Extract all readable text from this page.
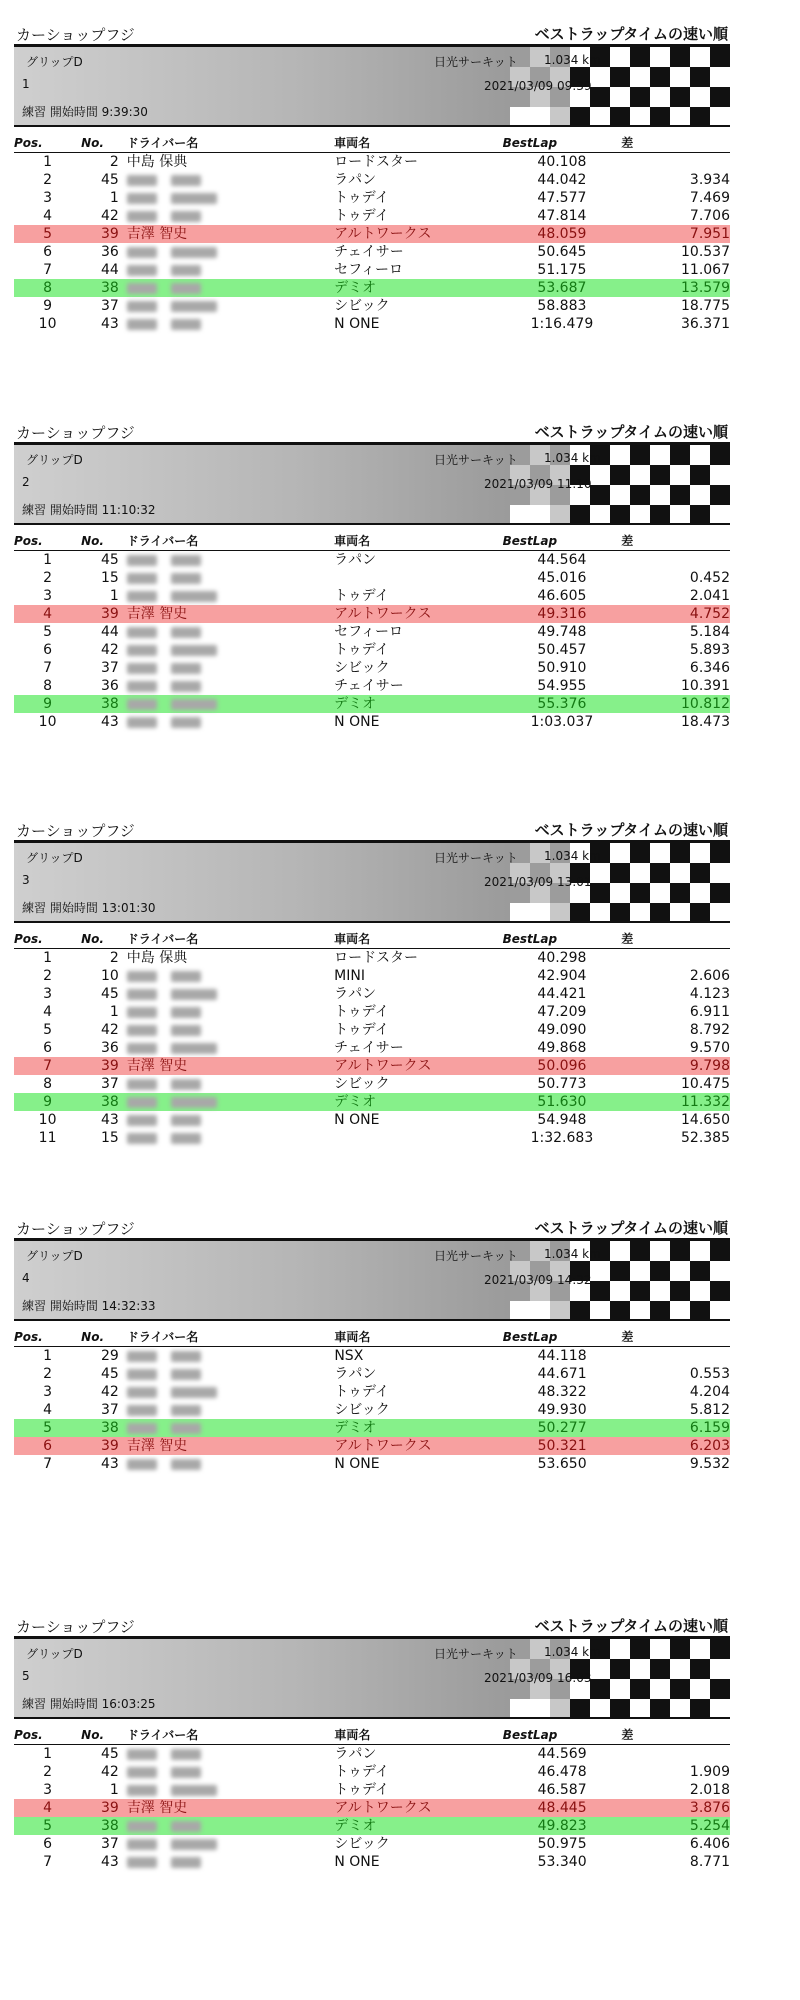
カーショップフジ	ベストラップタイムの速い順
グリップD
1
練習 開始時間 9:39:30
日光サーキット 1.034 km
2021/03/09 09:39
Pos.	No.	ドライバー名	車両名	BestLap	差
1	2	中島 保典	ロードスター	40.108	
2	45		ラパン	44.042	3.934
3	1		トゥデイ	47.577	7.469
4	42		トゥデイ	47.814	7.706
5	39	吉澤 智史	アルトワークス	48.059	7.951
6	36		チェイサー	50.645	10.537
7	44		セフィーロ	51.175	11.067
8	38		デミオ	53.687	13.579
9	37		シビック	58.883	18.775
10	43		N ONE	1:16.479	36.371
カーショップフジ	ベストラップタイムの速い順
グリップD
2
練習 開始時間 11:10:32
日光サーキット 1.034 km
2021/03/09 11:10
Pos.	No.	ドライバー名	車両名	BestLap	差
1	45		ラパン	44.564	
2	15			45.016	0.452
3	1		トゥデイ	46.605	2.041
4	39	吉澤 智史	アルトワークス	49.316	4.752
5	44		セフィーロ	49.748	5.184
6	42		トゥデイ	50.457	5.893
7	37		シビック	50.910	6.346
8	36		チェイサー	54.955	10.391
9	38		デミオ	55.376	10.812
10	43		N ONE	1:03.037	18.473
カーショップフジ	ベストラップタイムの速い順
グリップD
3
練習 開始時間 13:01:30
日光サーキット 1.034 km
2021/03/09 13:01
Pos.	No.	ドライバー名	車両名	BestLap	差
1	2	中島 保典	ロードスター	40.298	
2	10		MINI	42.904	2.606
3	45		ラパン	44.421	4.123
4	1		トゥデイ	47.209	6.911
5	42		トゥデイ	49.090	8.792
6	36		チェイサー	49.868	9.570
7	39	吉澤 智史	アルトワークス	50.096	9.798
8	37		シビック	50.773	10.475
9	38		デミオ	51.630	11.332
10	43		N ONE	54.948	14.650
11	15			1:32.683	52.385
カーショップフジ	ベストラップタイムの速い順
グリップD
4
練習 開始時間 14:32:33
日光サーキット 1.034 km
2021/03/09 14:32
Pos.	No.	ドライバー名	車両名	BestLap	差
1	29		NSX	44.118	
2	45		ラパン	44.671	0.553
3	42		トゥデイ	48.322	4.204
4	37		シビック	49.930	5.812
5	38		デミオ	50.277	6.159
6	39	吉澤 智史	アルトワークス	50.321	6.203
7	43		N ONE	53.650	9.532
カーショップフジ	ベストラップタイムの速い順
グリップD
5
練習 開始時間 16:03:25
日光サーキット 1.034 km
2021/03/09 16:03
Pos.	No.	ドライバー名	車両名	BestLap	差
1	45		ラパン	44.569	
2	42		トゥデイ	46.478	1.909
3	1		トゥデイ	46.587	2.018
4	39	吉澤 智史	アルトワークス	48.445	3.876
5	38		デミオ	49.823	5.254
6	37		シビック	50.975	6.406
7	43		N ONE	53.340	8.771
